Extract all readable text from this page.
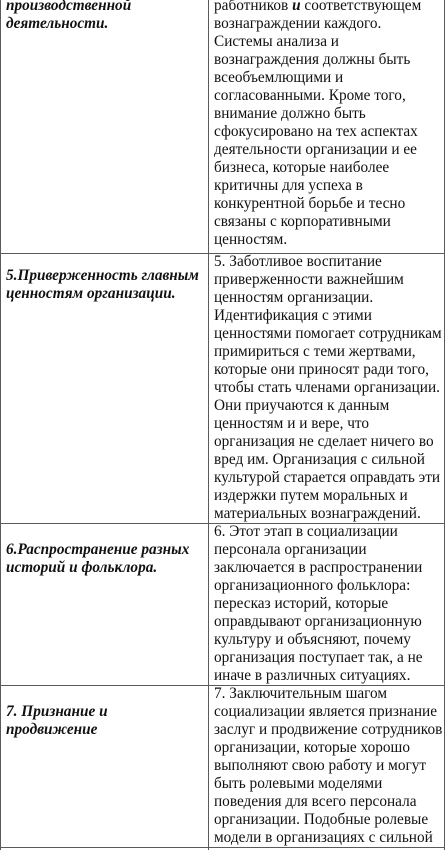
производственной
деятельности.
работников и соответствующем
вознаграждении каждого.
Системы анализа и
вознаграждения должны быть
всеобъемлющими и
согласованными. Кроме того,
внимание должно быть
сфокусировано на тех аспектах
деятельности организации и ее
бизнеса, которые наиболее
критичны для успеха в
конкурентной борьбе и тесно
связаны с корпоративными
ценностям.
5.Приверженность главным
ценностям организации.
5. Заботливое воспитание
приверженности важнейшим
ценностям организации.
Идентификация с этими
ценностями помогает сотрудникам
примириться с теми жертвами,
которые они приносят ради того,
чтобы стать членами организации.
Они приучаются к данным
ценностям и и вере, что
организация не сделает ничего во
вред им. Организация с сильной
культурой старается оправдать эти
издержки путем моральных и
материальных вознаграждений.
6.Распространение разных
историй и фольклора.
6. Этот этап в социализации
персонала организации
заключается в распространении
организационного фольклора:
пересказ историй, которые
оправдывают организационную
культуру и объясняют, почему
организация поступает так, а не
иначе в различных ситуациях.
7. Признание и
продвижение
7. Заключительным шагом
социализации является признание
заслуг и продвижение сотрудников
организации, которые хорошо
выполняют свою работу и могут
быть ролевыми моделями
поведения для всего персонала
организации. Подобные ролевые
модели в организациях с сильной
